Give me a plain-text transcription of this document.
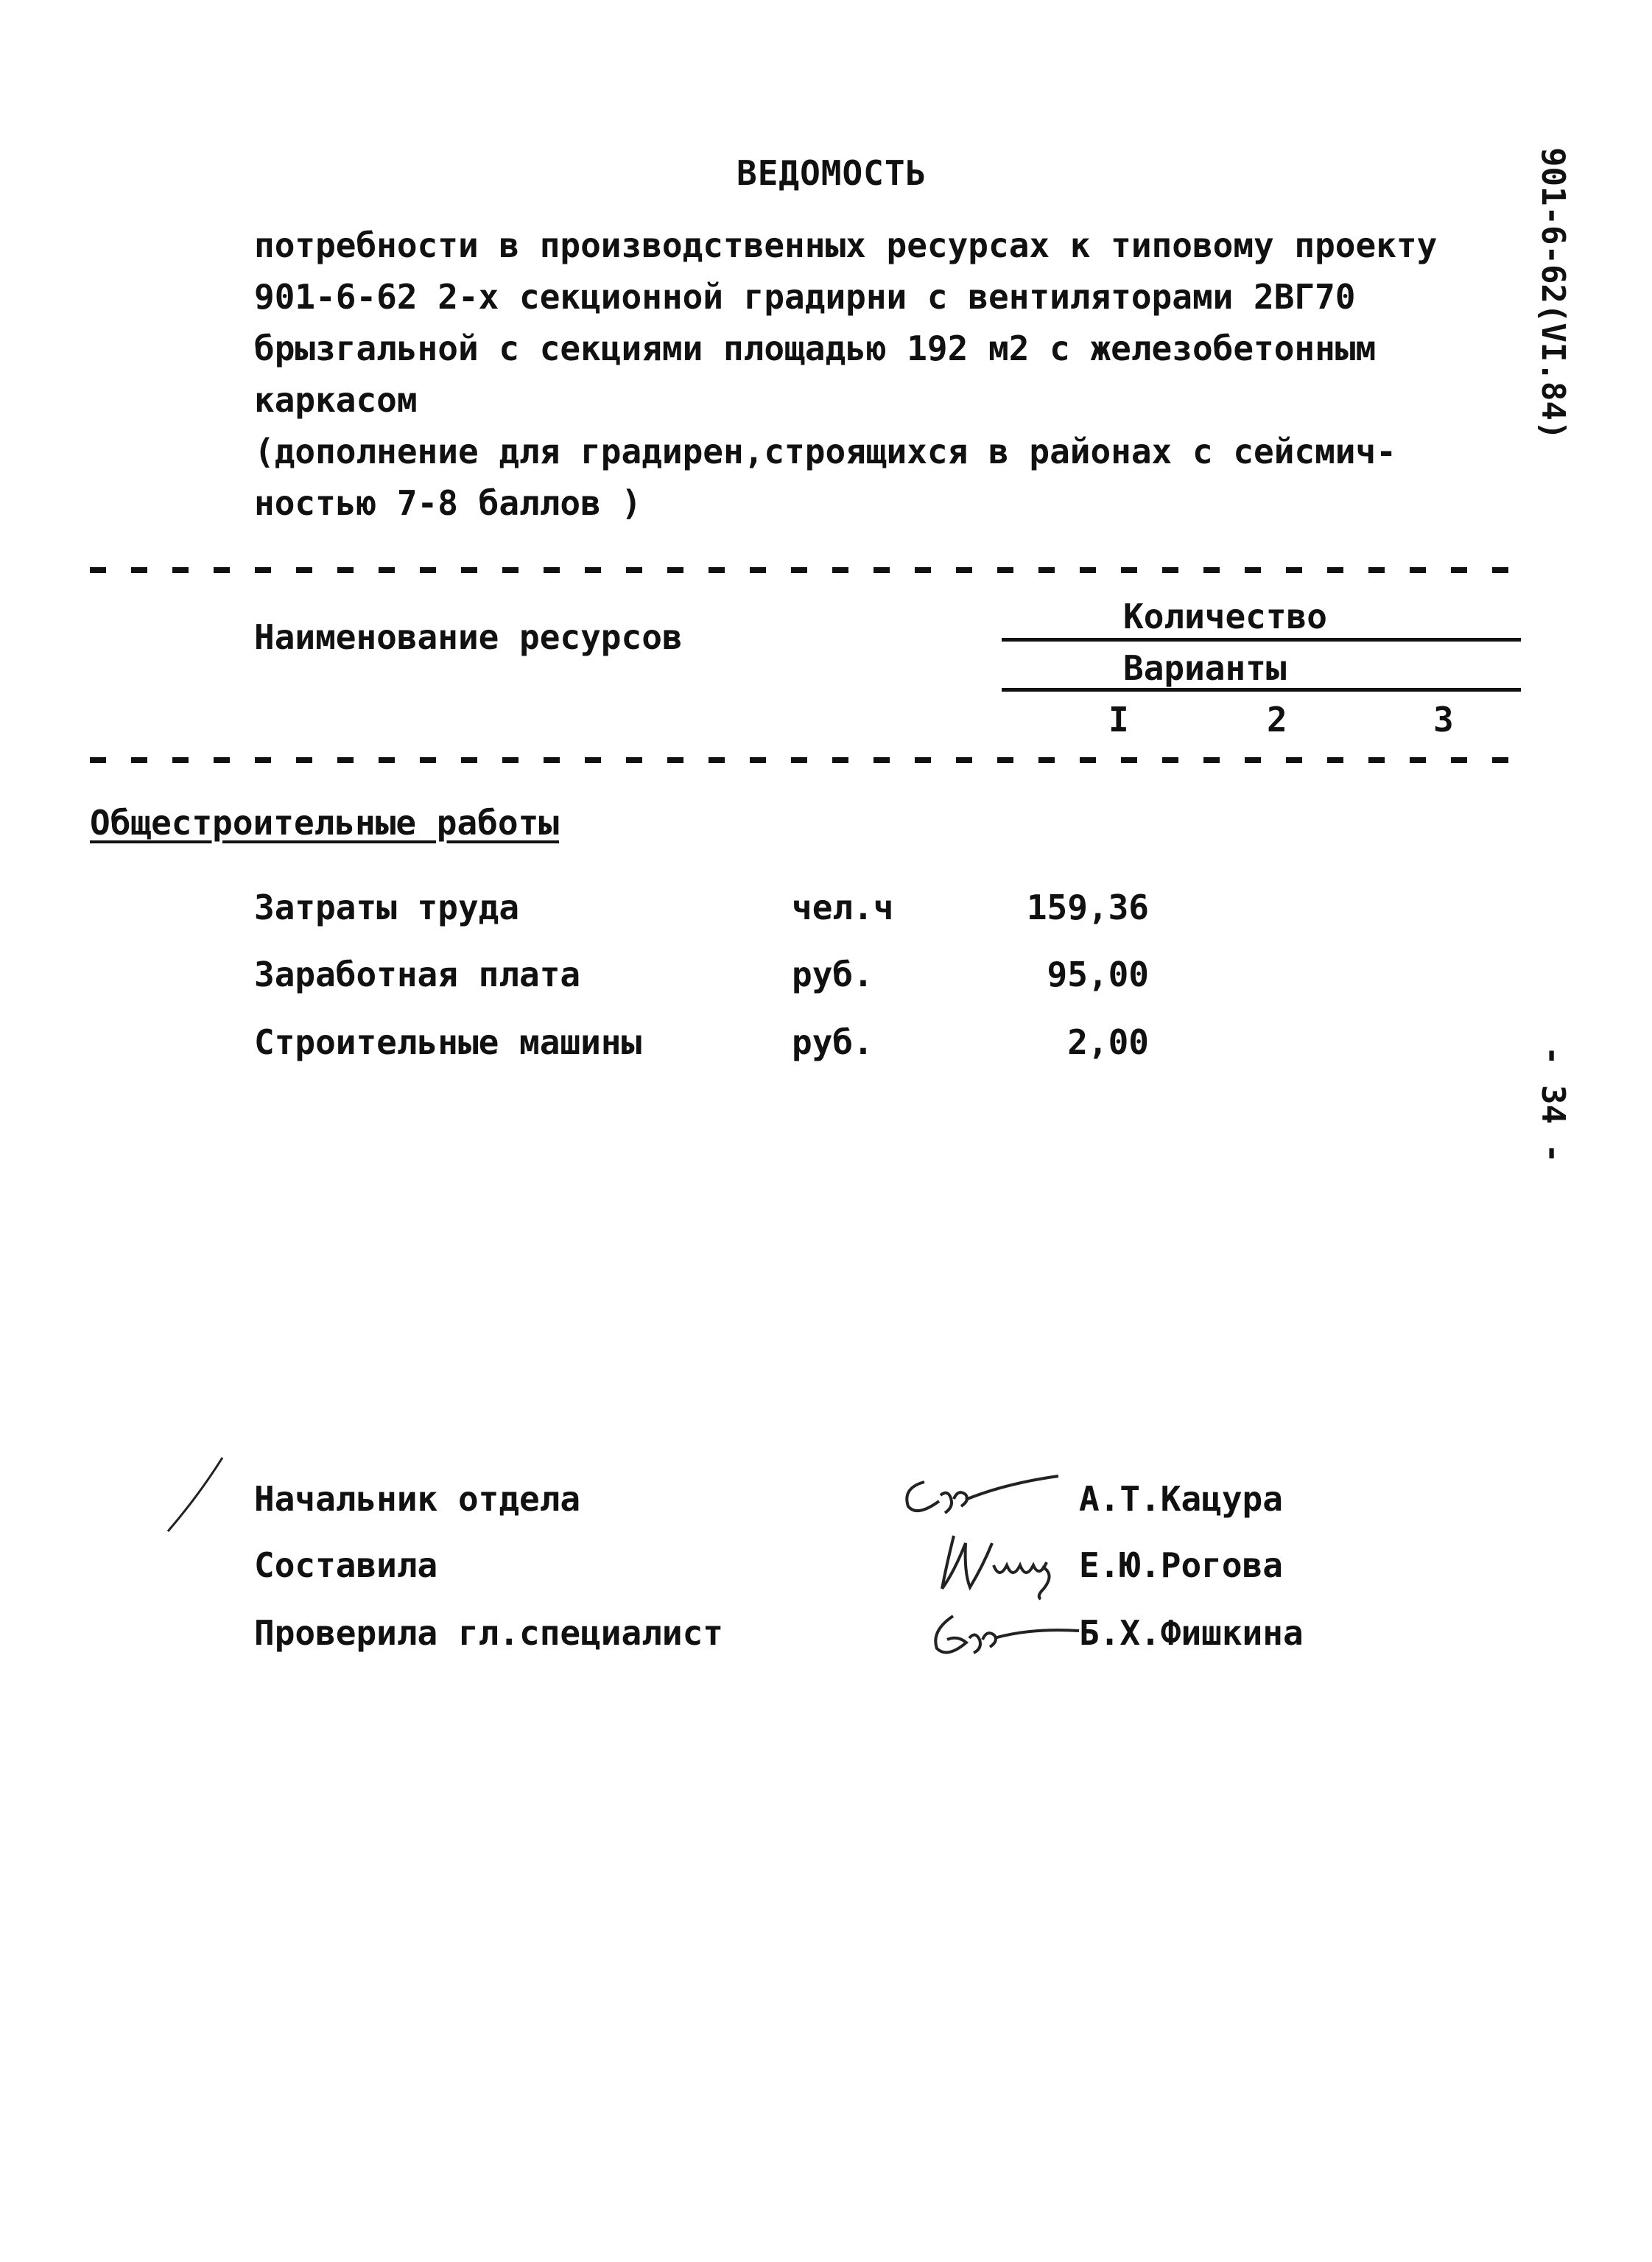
ВЕДОМОСТЬ
потребности в производственных ресурсах к типовому проекту
901-6-62 2-х секционной градирни с вентиляторами 2ВГ70
брызгальной с секциями площадью 192 м2 с железобетонным
каркасом
(дополнение для градирен,строящихся в районах с сейсмич-
ностью 7-8 баллов )
901-6-62(VI.84)
- 34 -
Наименование ресурсов
Количество
Варианты
I	2	3
Общестроительные работы
Затраты труда	чел.ч	159,36
Заработная плата	руб.	95,00
Строительные машины	руб.	2,00
Начальник отдела	А.Т.Кацура
Составила	Е.Ю.Рогова
Проверила гл.специалист	Б.Х.Фишкина
